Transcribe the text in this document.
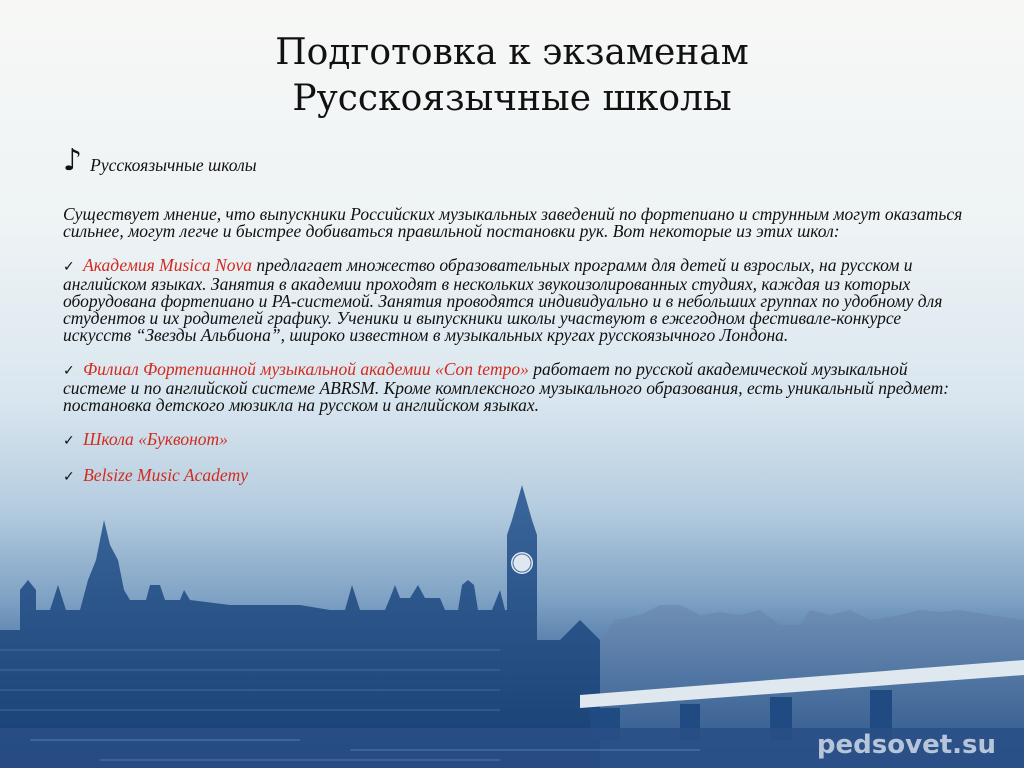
Подготовка к экзаменам
Русскоязычные школы
♪ Русскоязычные школы

Существует мнение, что выпускники Российских музыкальных заведений по фортепиано и струнным могут оказаться сильнее, могут легче и быстрее добиваться правильной постановки рук. Вот некоторые из этих школ:

✓ Академия Musica Nova предлагает множество образовательных программ для детей и взрослых, на русском и английском языках. Занятия в академии проходят в нескольких звукоизолированных студиях, каждая из которых оборудована фортепиано и PA-системой. Занятия проводятся индивидуально и в небольших группах по удобному для студентов и их родителей графику. Ученики и выпускники школы участвуют в ежегодном фестивале-конкурсе искусств “Звезды Альбиона”, широко известном в музыкальных кругах русскоязычного Лондона.
✓ Филиал Фортепианной музыкальной академии «Con tempo» работает по русской академической музыкальной системе и по английской системе ABRSM. Кроме комплексного музыкального образования, есть уникальный предмет: постановка детского мюзикла на русском и английском языках.
✓ Школа «Буквонот»
✓ Belsize Music Academy
pedsovet.su
